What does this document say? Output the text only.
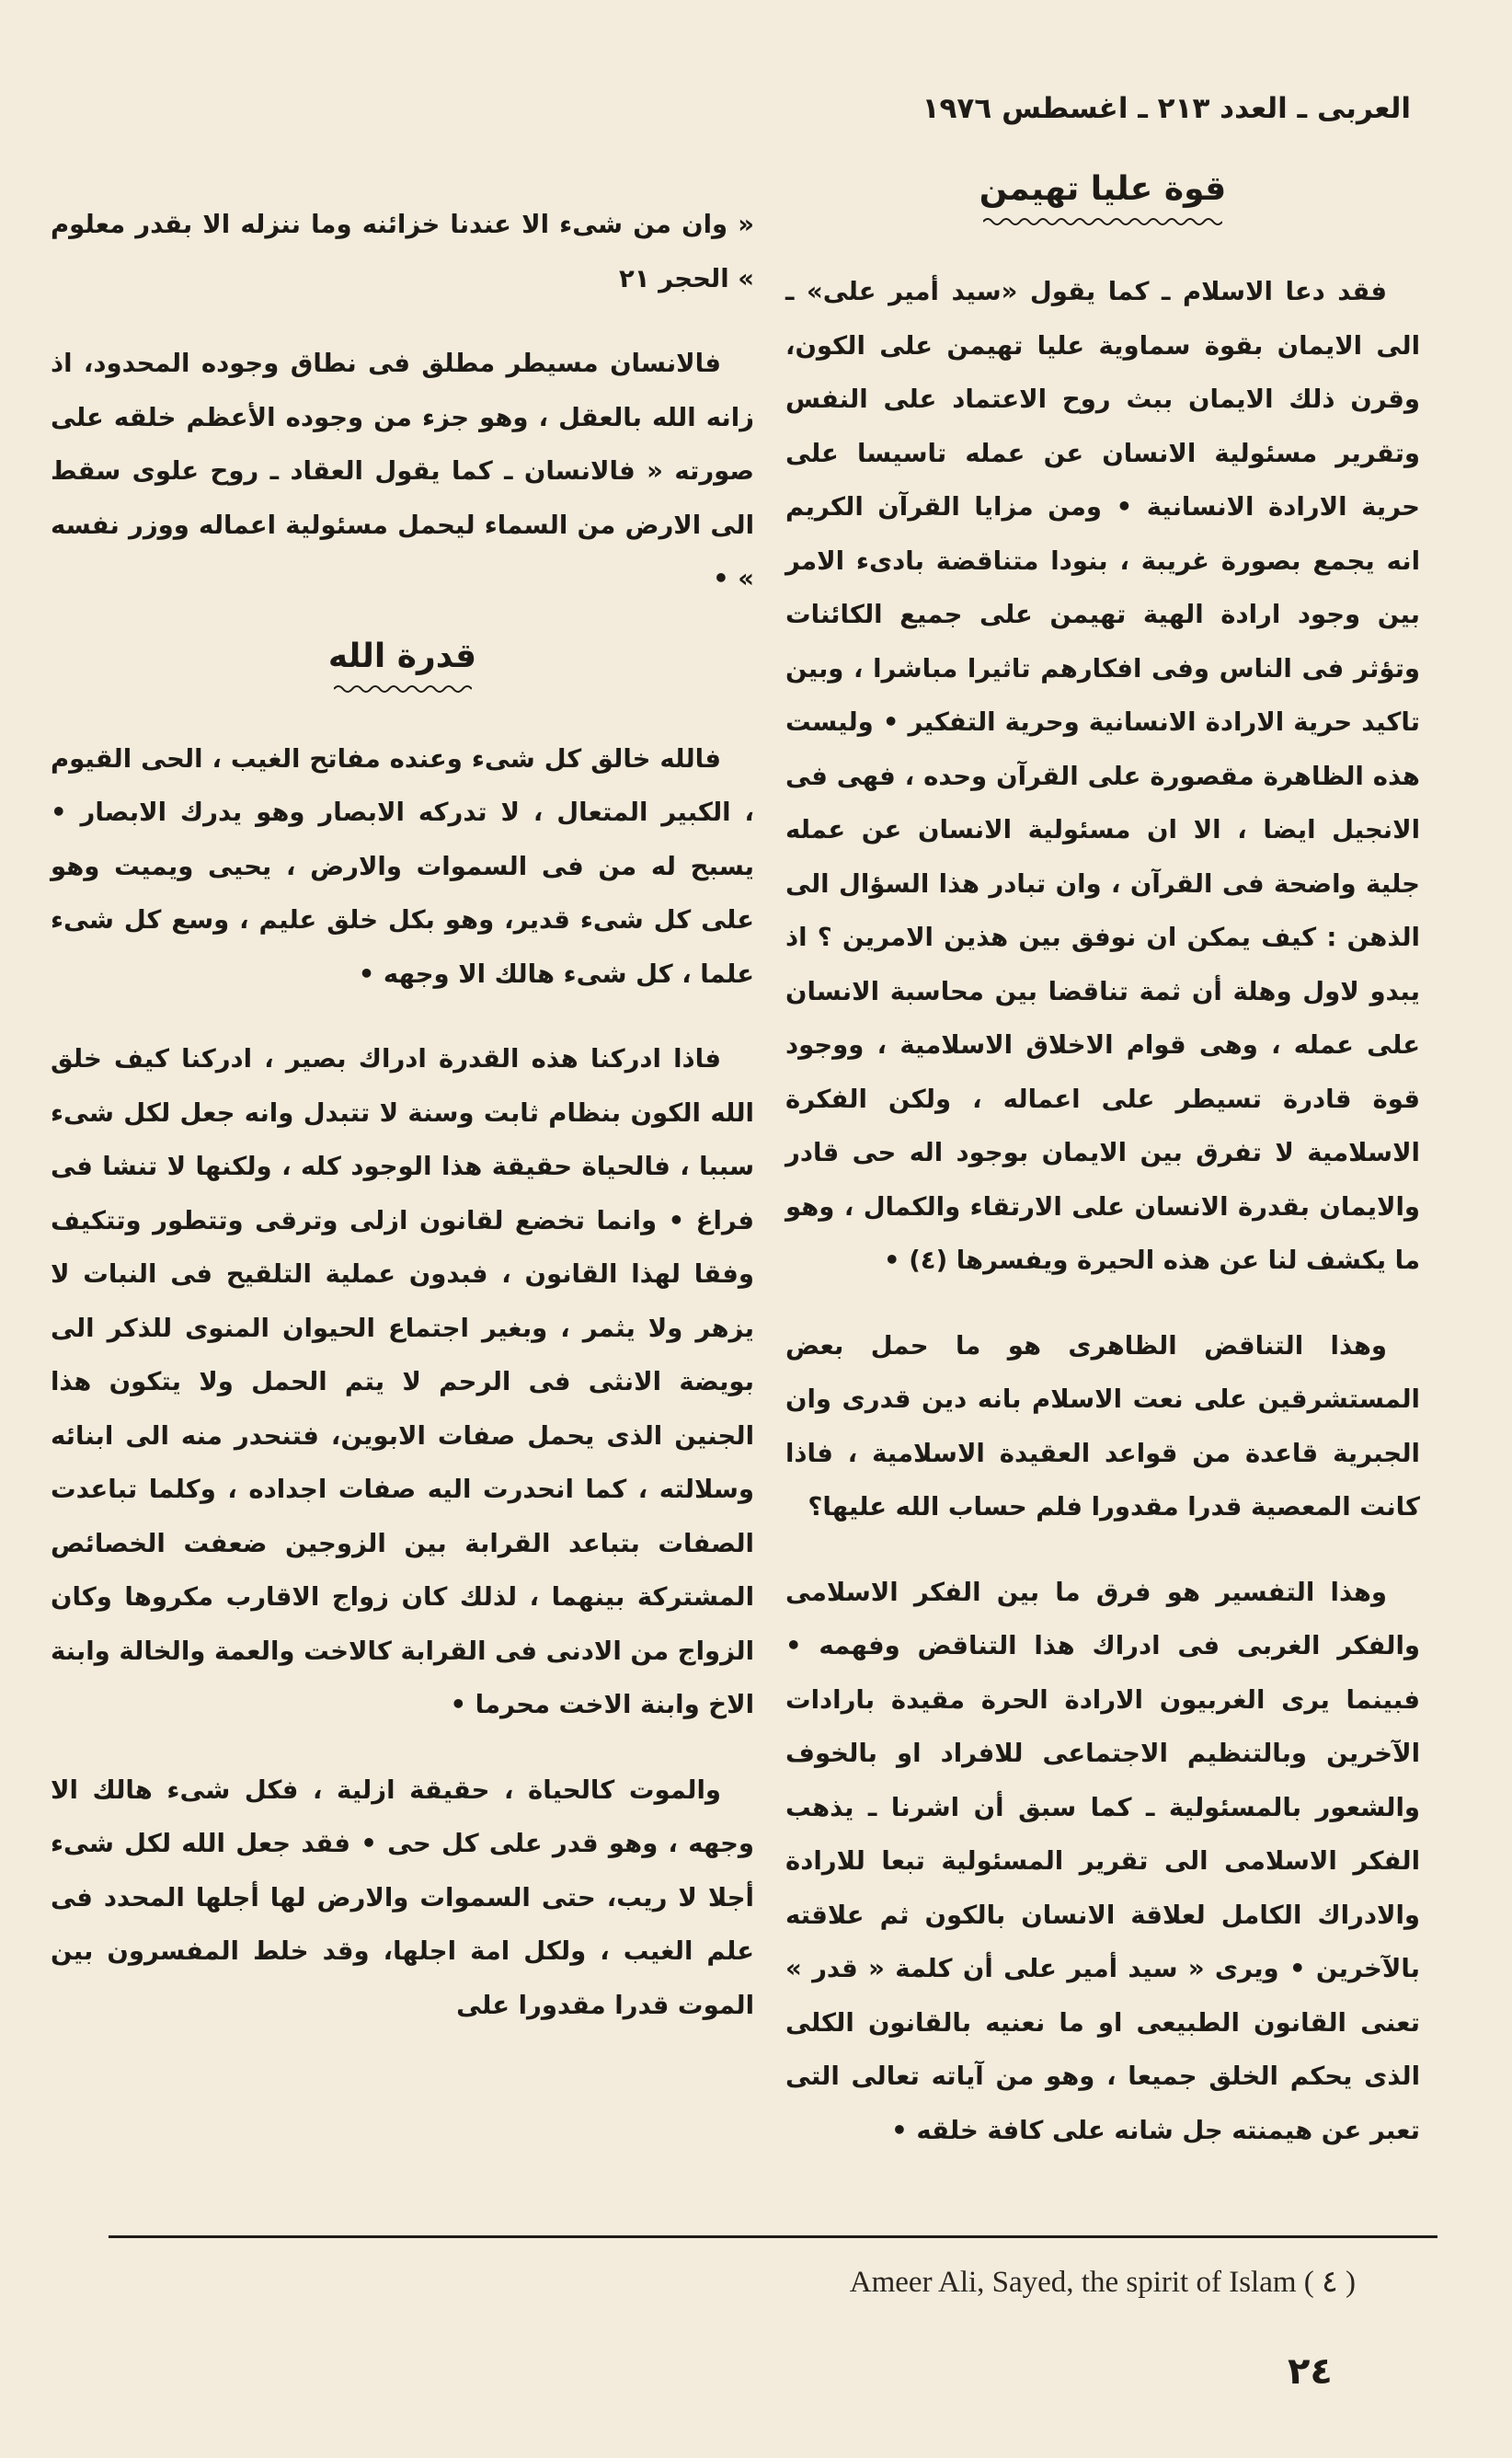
العربى ـ العدد ٢١٣ ـ اغسطس ١٩٧٦
قوة عليا تهيمن

فقد دعا الاسلام ـ كما يقول «سيد أمير على» ـ الى الايمان بقوة سماوية عليا تهيمن على الكون، وقرن ذلك الايمان ببث روح الاعتماد على النفس وتقرير مسئولية الانسان عن عمله تاسيسا على حرية الارادة الانسانية • ومن مزايا القرآن الكريم انه يجمع بصورة غريبة ، بنودا متناقضة بادىء الامر بين وجود ارادة الهية تهيمن على جميع الكائنات وتؤثر فى الناس وفى افكارهم تاثيرا مباشرا ، وبين تاكيد حرية الارادة الانسانية وحرية التفكير • وليست هذه الظاهرة مقصورة على القرآن وحده ، فهى فى الانجيل ايضا ، الا ان مسئولية الانسان عن عمله جلية واضحة فى القرآن ، وان تبادر هذا السؤال الى الذهن : كيف يمكن ان نوفق بين هذين الامرين ؟ اذ يبدو لاول وهلة أن ثمة تناقضا بين محاسبة الانسان على عمله ، وهى قوام الاخلاق الاسلامية ، ووجود قوة قادرة تسيطر على اعماله ، ولكن الفكرة الاسلامية لا تفرق بين الايمان بوجود اله حى قادر والايمان بقدرة الانسان على الارتقاء والكمال ، وهو ما يكشف لنا عن هذه الحيرة ويفسرها (٤) •

وهذا التناقض الظاهرى هو ما حمل بعض المستشرقين على نعت الاسلام بانه دين قدرى وان الجبرية قاعدة من قواعد العقيدة الاسلامية ، فاذا كانت المعصية قدرا مقدورا فلم حساب الله عليها؟

وهذا التفسير هو فرق ما بين الفكر الاسلامى والفكر الغربى فى ادراك هذا التناقض وفهمه • فبينما يرى الغربيون الارادة الحرة مقيدة بارادات الآخرين وبالتنظيم الاجتماعى للافراد او بالخوف والشعور بالمسئولية ـ كما سبق أن اشرنا ـ يذهب الفكر الاسلامى الى تقرير المسئولية تبعا للارادة والادراك الكامل لعلاقة الانسان بالكون ثم علاقته بالآخرين • ويرى « سيد أمير على أن كلمة « قدر » تعنى القانون الطبيعى او ما نعنيه بالقانون الكلى الذى يحكم الخلق جميعا ، وهو من آياته تعالى التى تعبر عن هيمنته جل شانه على كافة خلقه •

« وان من شىء الا عندنا خزائنه وما ننزله الا بقدر معلوم » الحجر ٢١

فالانسان مسيطر مطلق فى نطاق وجوده المحدود، اذ زانه الله بالعقل ، وهو جزء من وجوده الأعظم خلقه على صورته « فالانسان ـ كما يقول العقاد ـ روح علوى سقط الى الارض من السماء ليحمل مسئولية اعماله ووزر نفسه » •

قدرة الله

فالله خالق كل شىء وعنده مفاتح الغيب ، الحى القيوم ، الكبير المتعال ، لا تدركه الابصار وهو يدرك الابصار • يسبح له من فى السموات والارض ، يحيى ويميت وهو على كل شىء قدير، وهو بكل خلق عليم ، وسع كل شىء علما ، كل شىء هالك الا وجهه •

فاذا ادركنا هذه القدرة ادراك بصير ، ادركنا كيف خلق الله الكون بنظام ثابت وسنة لا تتبدل وانه جعل لكل شىء سببا ، فالحياة حقيقة هذا الوجود كله ، ولكنها لا تنشا فى فراغ • وانما تخضع لقانون ازلى وترقى وتتطور وتتكيف وفقا لهذا القانون ، فبدون عملية التلقيح فى النبات لا يزهر ولا يثمر ، وبغير اجتماع الحيوان المنوى للذكر الى بويضة الانثى فى الرحم لا يتم الحمل ولا يتكون هذا الجنين الذى يحمل صفات الابوين، فتنحدر منه الى ابنائه وسلالته ، كما انحدرت اليه صفات اجداده ، وكلما تباعدت الصفات بتباعد القرابة بين الزوجين ضعفت الخصائص المشتركة بينهما ، لذلك كان زواج الاقارب مكروها وكان الزواج من الادنى فى القرابة كالاخت والعمة والخالة وابنة الاخ وابنة الاخت محرما •

والموت كالحياة ، حقيقة ازلية ، فكل شىء هالك الا وجهه ، وهو قدر على كل حى • فقد جعل الله لكل شىء أجلا لا ريب، حتى السموات والارض لها أجلها المحدد فى علم الغيب ، ولكل امة اجلها، وقد خلط المفسرون بين الموت قدرا مقدورا على

Ameer Ali, Sayed, the spirit of Islam ( ٤ )
٢٤
